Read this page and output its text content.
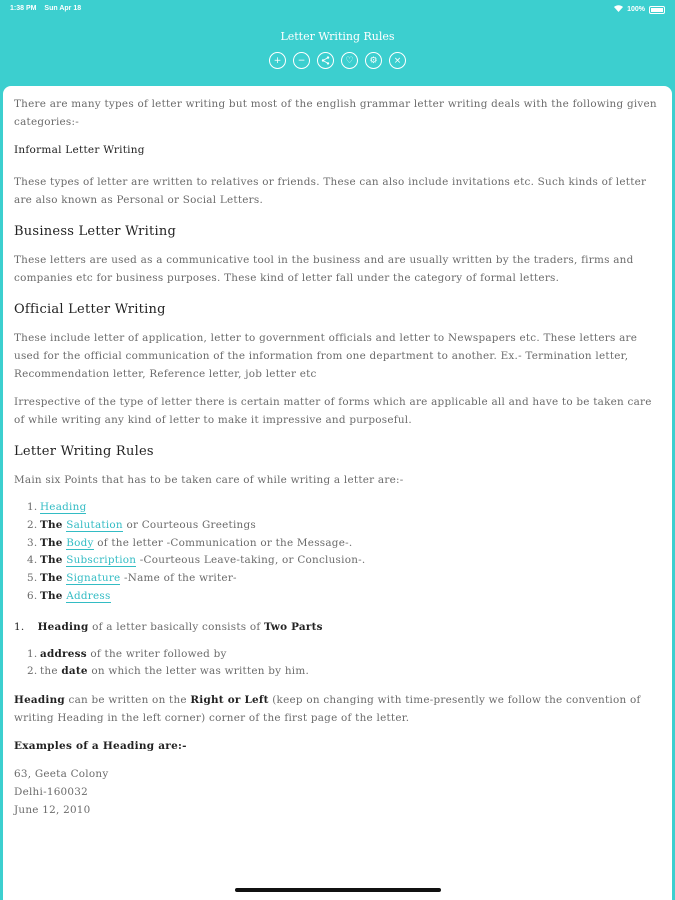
1:38 PM Sun Apr 18	100%
Letter Writing Rules
+ −	♡ ⚙ ×

There are many types of letter writing but most of the english grammar letter writing deals with the following given categories:-

Informal Letter Writing

These types of letter are written to relatives or friends. These can also include invitations etc. Such kinds of letter are also known as Personal or Social Letters.

Business Letter Writing

These letters are used as a communicative tool in the business and are usually written by the traders, firms and companies etc for business purposes. These kind of letter fall under the category of formal letters.

Official Letter Writing

These include letter of application, letter to government officials and letter to Newspapers etc. These letters are used for the official communication of the information from one department to another. Ex.- Termination letter, Recommendation letter, Reference letter, job letter etc

Irrespective of the type of letter there is certain matter of forms which are applicable all and have to be taken care of while writing any kind of letter to make it impressive and purposeful.

Letter Writing Rules

Main six Points that has to be taken care of while writing a letter are:-

1. Heading
2. The Salutation or Courteous Greetings
3. The Body of the letter -Communication or the Message-.
4. The Subscription -Courteous Leave-taking, or Conclusion-.
5. The Signature -Name of the writer-
6. The Address

1. Heading of a letter basically consists of Two Parts

1. address of the writer followed by
2. the date on which the letter was written by him.

Heading can be written on the Right or Left (keep on changing with time-presently we follow the convention of writing Heading in the left corner) corner of the first page of the letter.

Examples of a Heading are:-

63, Geeta Colony
Delhi-160032
June 12, 2010
